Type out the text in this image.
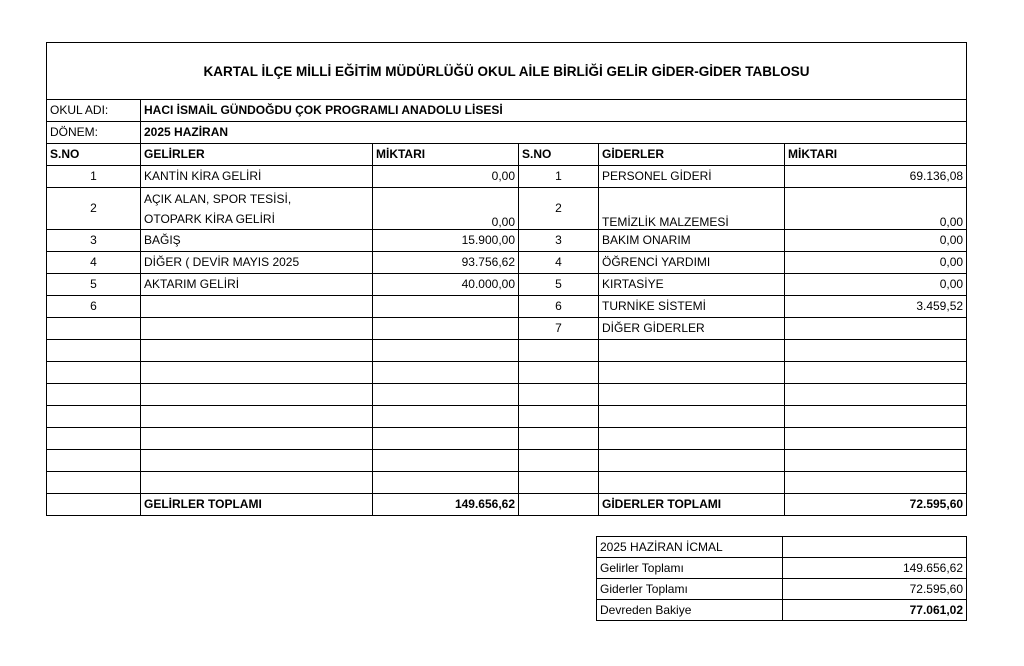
KARTAL İLÇE MİLLİ EĞİTİM MÜDÜRLÜĞÜ OKUL AİLE BİRLİĞİ GELİR GİDER-GİDER TABLOSU					
OKUL ADI:	HACI İSMAİL GÜNDOĞDU ÇOK PROGRAMLI ANADOLU LİSESİ				
DÖNEM:	2025 HAZİRAN				
S.NO	GELİRLER	MİKTARI	S.NO	GİDERLER	MİKTARI
1	KANTİN KİRA GELİRİ	0,00	1	PERSONEL GİDERİ	69.136,08
2	AÇIK ALAN, SPOR TESİSİ,
OTOPARK KİRA GELİRİ	0,00	2	TEMİZLİK MALZEMESİ	0,00
3	BAĞIŞ	15.900,00	3	BAKIM ONARIM	0,00
4	DİĞER ( DEVİR MAYIS 2025	93.756,62	4	ÖĞRENCİ YARDIMI	0,00
5	AKTARIM GELİRİ	40.000,00	5	KIRTASİYE	0,00
6			6	TURNİKE SİSTEMİ	3.459,52
			7	DİĞER GİDERLER	

	GELİRLER TOPLAMI	149.656,62		GİDERLER TOPLAMI	72.595,60
2025 HAZİRAN İCMAL	
Gelirler Toplamı	149.656,62
Giderler Toplamı	72.595,60
Devreden Bakiye	77.061,02
